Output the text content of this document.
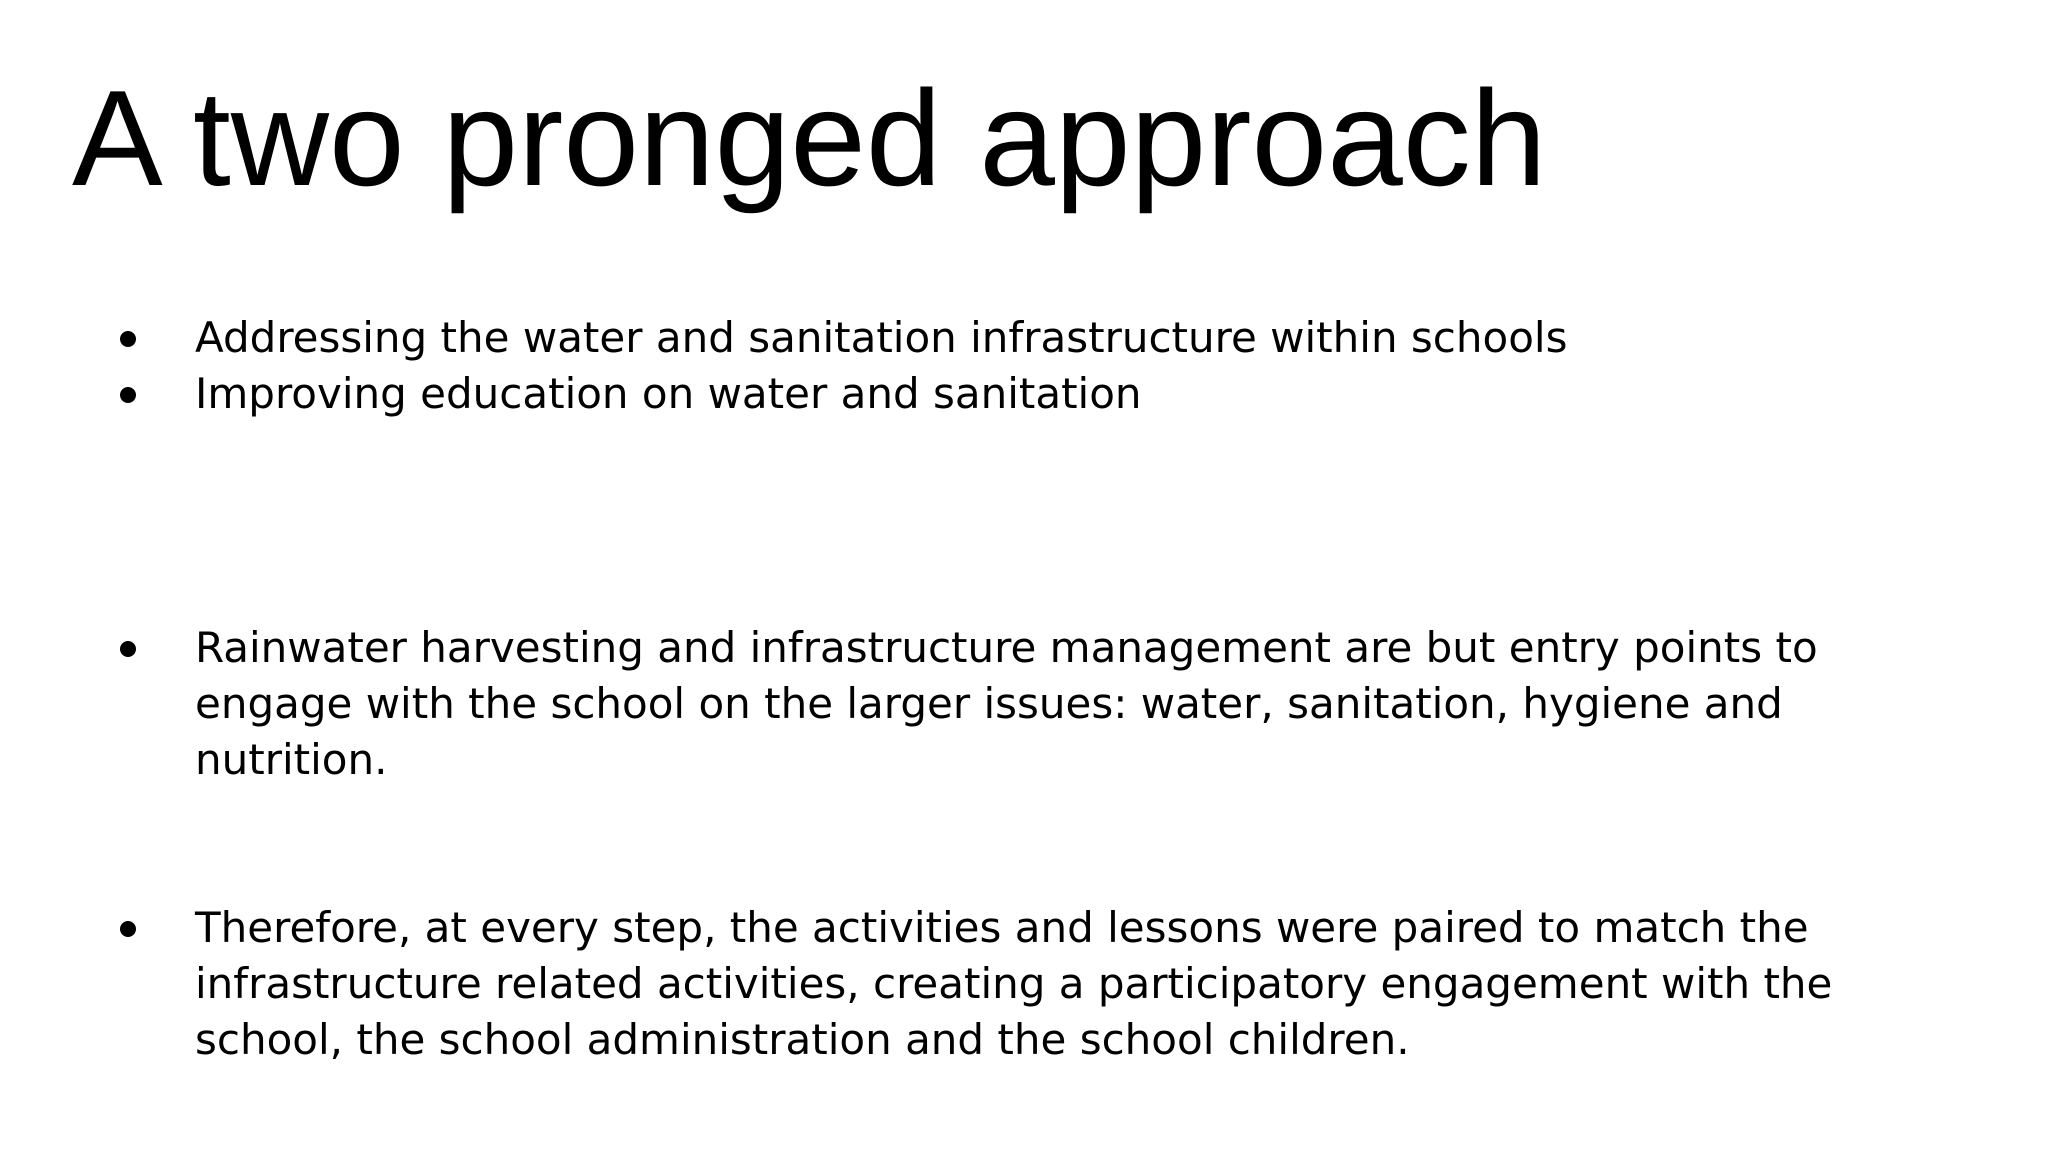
A two pronged approach
Addressing the water and sanitation infrastructure within schools
Improving education on water and sanitation
Rainwater harvesting and infrastructure management are but entry points to engage with the school on the larger issues: water, sanitation, hygiene and nutrition.
Therefore, at every step, the activities and lessons were paired to match the infrastructure related activities, creating a participatory engagement with the school, the school administration and the school children.
